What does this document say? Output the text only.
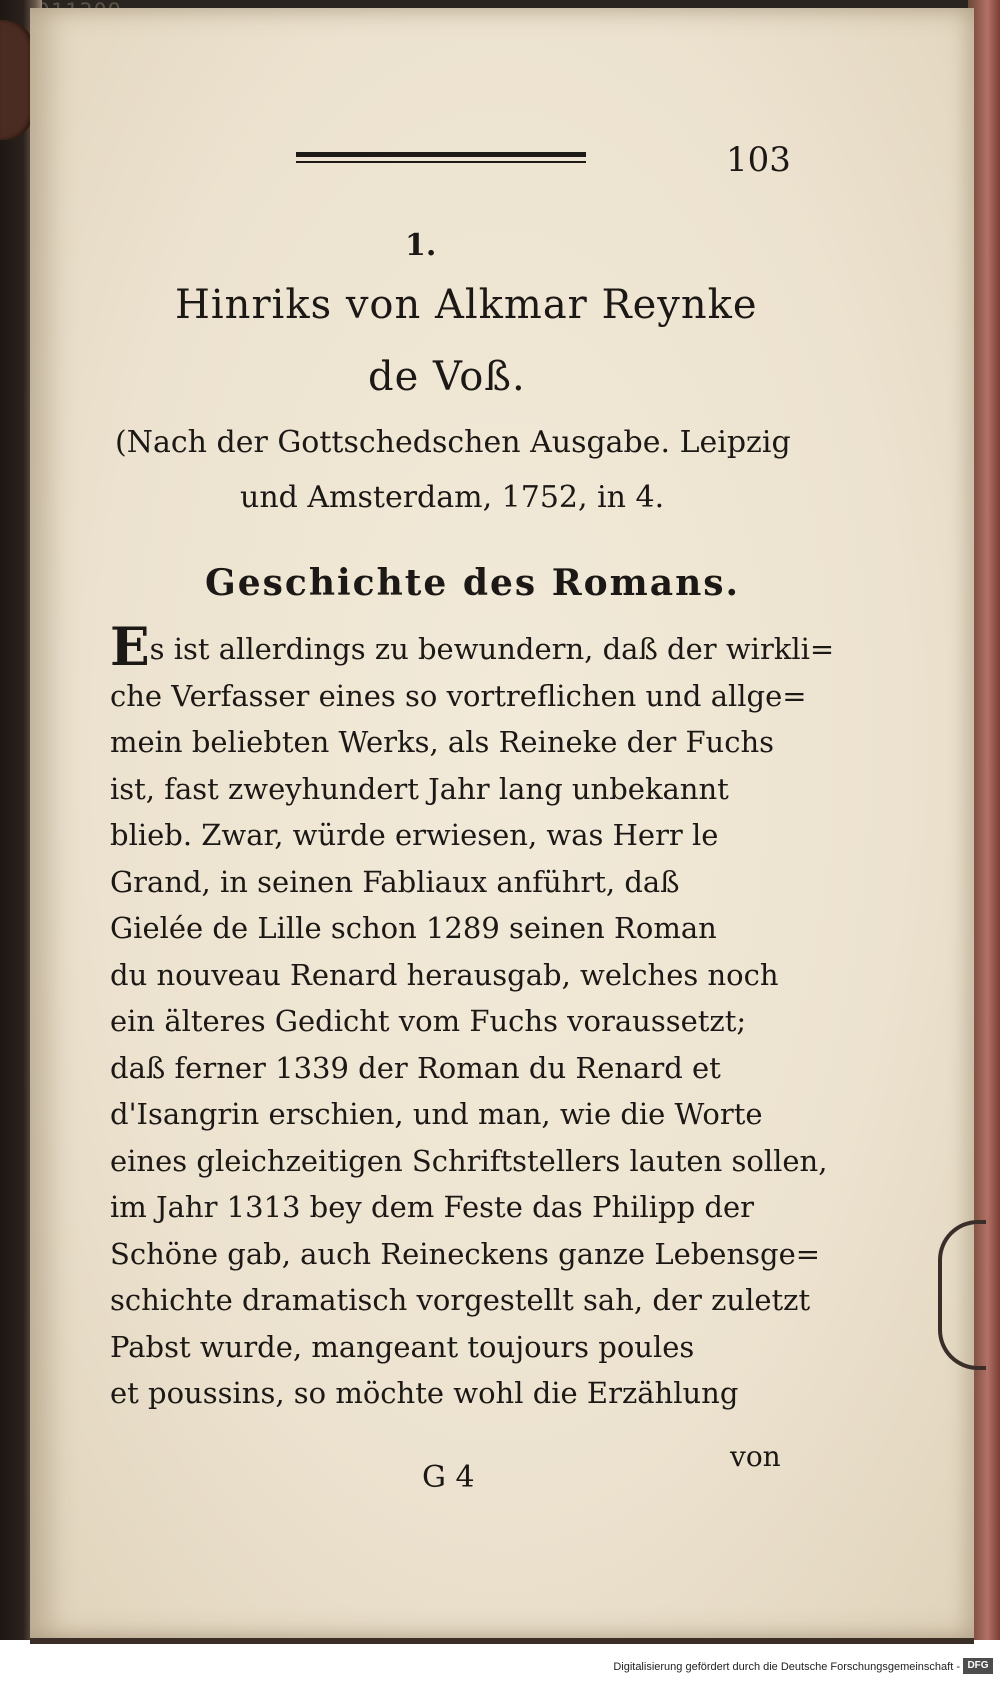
103
1.
Hinriks von Alkmar Reynke
de Voß.
(Nach der Gottschedschen Ausgabe. Leipzig
und Amsterdam, 1752, in 4.
Geschichte des Romans.
Es ist allerdings zu bewundern, daß der wirkli=
che Verfasser eines so vortreflichen und allge=
mein beliebten Werks, als Reineke der Fuchs
ist, fast zweyhundert Jahr lang unbekannt
blieb. Zwar, würde erwiesen, was Herr le
Grand, in seinen Fabliaux anführt, daß
Gielée de Lille schon 1289 seinen Roman
du nouveau Renard herausgab, welches noch
ein älteres Gedicht vom Fuchs voraussetzt;
daß ferner 1339 der Roman du Renard et
d'Isangrin erschien, und man, wie die Worte
eines gleichzeitigen Schriftstellers lauten sollen,
im Jahr 1313 bey dem Feste das Philipp der
Schöne gab, auch Reineckens ganze Lebensge=
schichte dramatisch vorgestellt sah, der zuletzt
Pabst wurde, mangeant toujours poules
et poussins, so möchte wohl die Erzählung
von
G 4
Digitalisierung gefördert durch die Deutsche Forschungsgemeinschaft - DFG
